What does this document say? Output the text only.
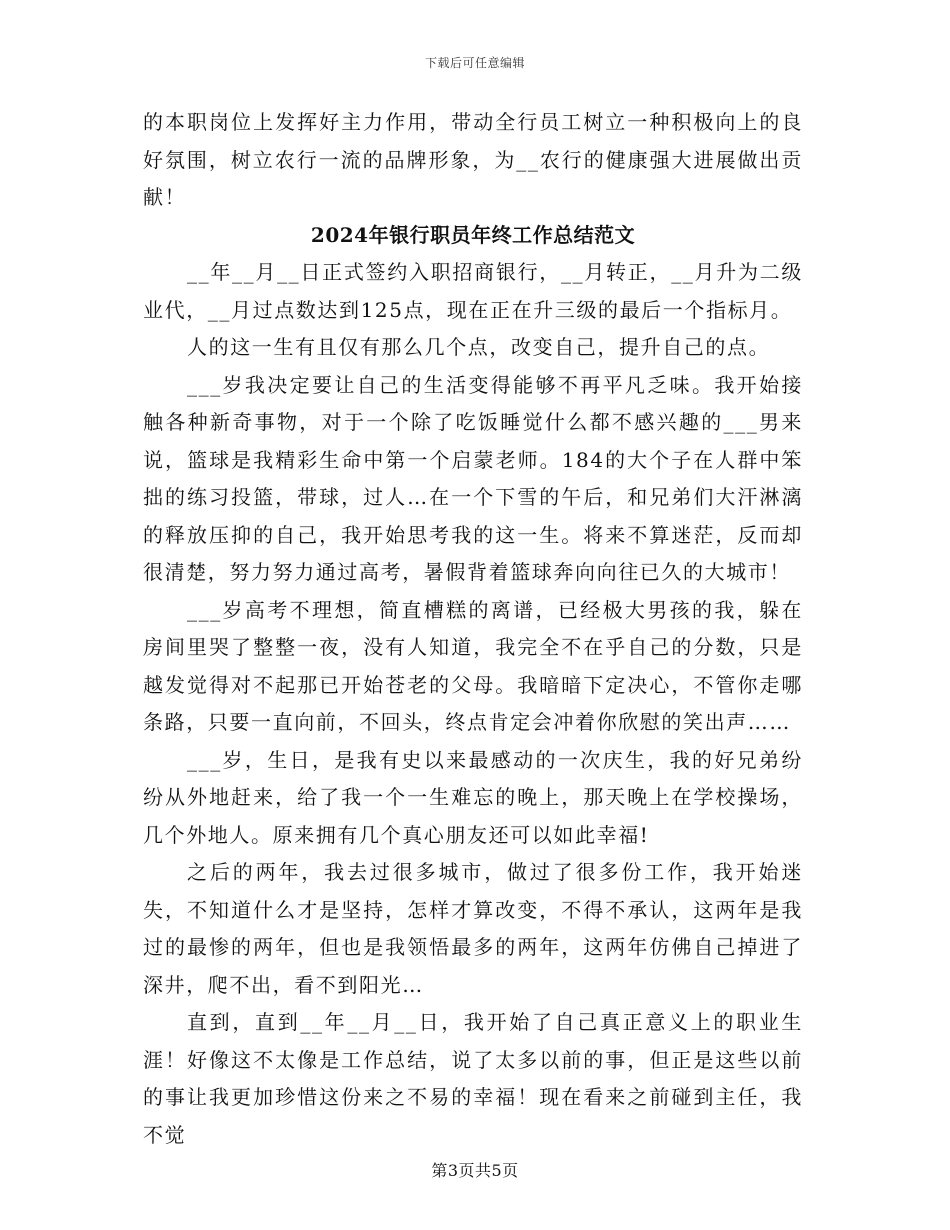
下载后可任意编辑

的本职岗位上发挥好主力作用，带动全行员工树立一种积极向上的良好氛围，树立农行一流的品牌形象，为__农行的健康强大进展做出贡献！

2024年银行职员年终工作总结范文

__年__月__日正式签约入职招商银行，__月转正，__月升为二级业代，__月过点数达到125点，现在正在升三级的最后一个指标月。

人的这一生有且仅有那么几个点，改变自己，提升自己的点。

___岁我决定要让自己的生活变得能够不再平凡乏味。我开始接触各种新奇事物，对于一个除了吃饭睡觉什么都不感兴趣的___男来说，篮球是我精彩生命中第一个启蒙老师。184的大个子在人群中笨拙的练习投篮，带球，过人…在一个下雪的午后，和兄弟们大汗淋漓的释放压抑的自己，我开始思考我的这一生。将来不算迷茫，反而却很清楚，努力努力通过高考，暑假背着篮球奔向向往已久的大城市！

___岁高考不理想，简直槽糕的离谱，已经极大男孩的我，躲在房间里哭了整整一夜，没有人知道，我完全不在乎自己的分数，只是越发觉得对不起那已开始苍老的父母。我暗暗下定决心，不管你走哪条路，只要一直向前，不回头，终点肯定会冲着你欣慰的笑出声……

___岁，生日，是我有史以来最感动的一次庆生，我的好兄弟纷纷从外地赶来，给了我一个一生难忘的晚上，那天晚上在学校操场，几个外地人。原来拥有几个真心朋友还可以如此幸福!

之后的两年，我去过很多城市，做过了很多份工作，我开始迷失，不知道什么才是坚持，怎样才算改变，不得不承认，这两年是我过的最惨的两年，但也是我领悟最多的两年，这两年仿佛自己掉进了深井，爬不出，看不到阳光…

直到，直到__年__月__日，我开始了自己真正意义上的职业生涯！好像这不太像是工作总结，说了太多以前的事，但正是这些以前的事让我更加珍惜这份来之不易的幸福！现在看来之前碰到主任，我不觉

第3页共5页
